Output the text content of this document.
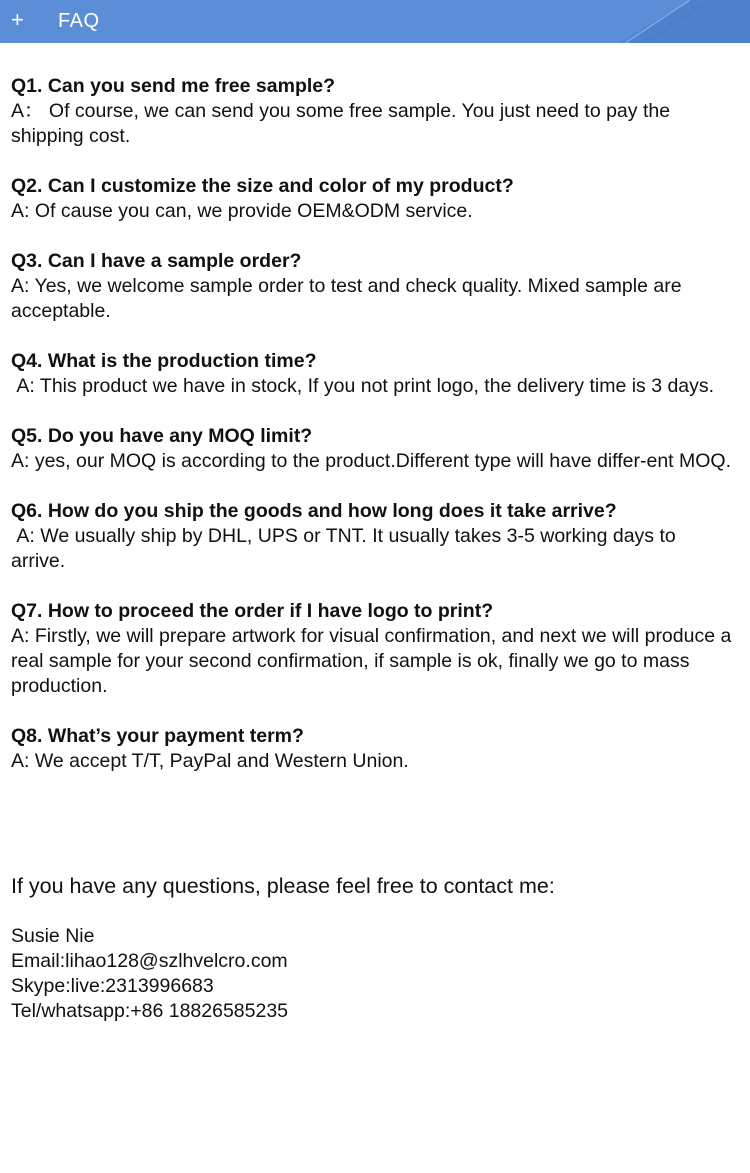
+ FAQ

Q1. Can you send me free sample?

A： Of course, we can send you some free sample. You just need to pay the shipping cost.

Q2. Can I customize the size and color of my product?

A: Of cause you can, we provide OEM&ODM service.

Q3. Can I have a sample order?

A: Yes, we welcome sample order to test and check quality. Mixed sample are acceptable.

Q4. What is the production time?

A: This product we have in stock, If you not print logo, the delivery time is 3 days.

Q5. Do you have any MOQ limit?

A: yes, our MOQ is according to the product.Different type will have differ-ent MOQ.

Q6. How do you ship the goods and how long does it take arrive?

A: We usually ship by DHL, UPS or TNT. It usually takes 3-5 working days to arrive.

Q7. How to proceed the order if I have logo to print?

A: Firstly, we will prepare artwork for visual confirmation, and next we will produce a real sample for your second confirmation, if sample is ok, finally we go to mass production.

Q8. What’s your payment term?

A: We accept T/T, PayPal and Western Union.

If you have any questions, please feel free to contact me:

Susie Nie

Email:lihao128@szlhvelcro.com

Skype:live:2313996683

Tel/whatsapp:+86 18826585235
